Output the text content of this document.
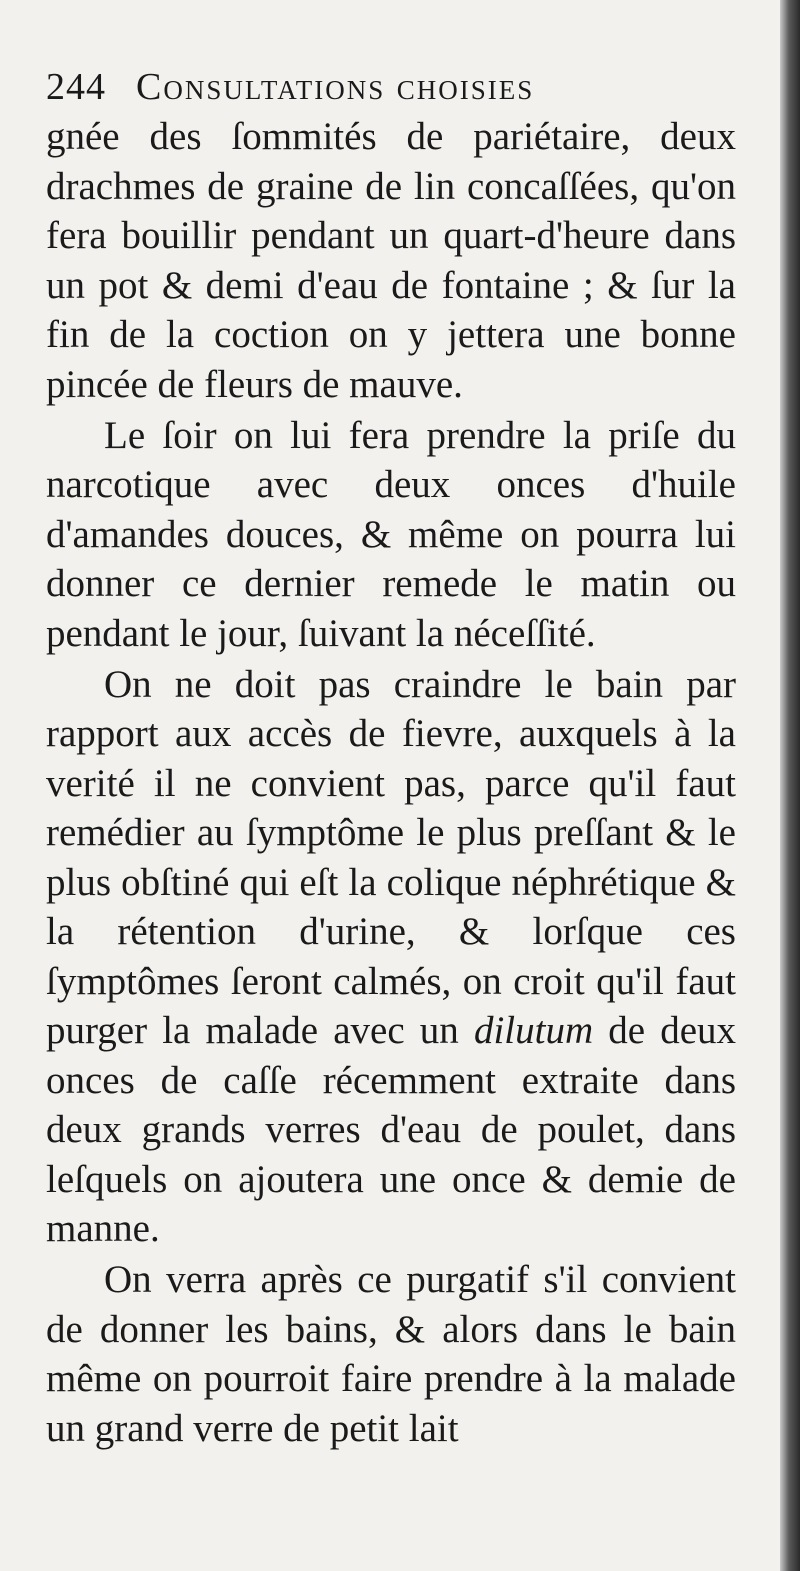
244 Consultations choisies

gnée des ſommités de pariétaire, deux drachmes de graine de lin concaſſées, qu'on fera bouillir pendant un quart-d'heure dans un pot & demi d'eau de fontaine ; & ſur la fin de la coction on y jettera une bonne pincée de fleurs de mauve.

Le ſoir on lui fera prendre la priſe du narcotique avec deux onces d'huile d'amandes douces, & même on pourra lui donner ce dernier remede le matin ou pendant le jour, ſuivant la néceſſité.

On ne doit pas craindre le bain par rapport aux accès de fievre, auxquels à la verité il ne convient pas, parce qu'il faut remédier au ſymptôme le plus preſſant & le plus obſtiné qui eſt la colique néphrétique & la rétention d'urine, & lorſque ces ſymptômes ſeront calmés, on croit qu'il faut purger la malade avec un dilutum de deux onces de caſſe récemment extraite dans deux grands verres d'eau de poulet, dans leſquels on ajoutera une once & demie de manne.

On verra après ce purgatif s'il convient de donner les bains, & alors dans le bain même on pourroit faire prendre à la malade un grand verre de petit lait
